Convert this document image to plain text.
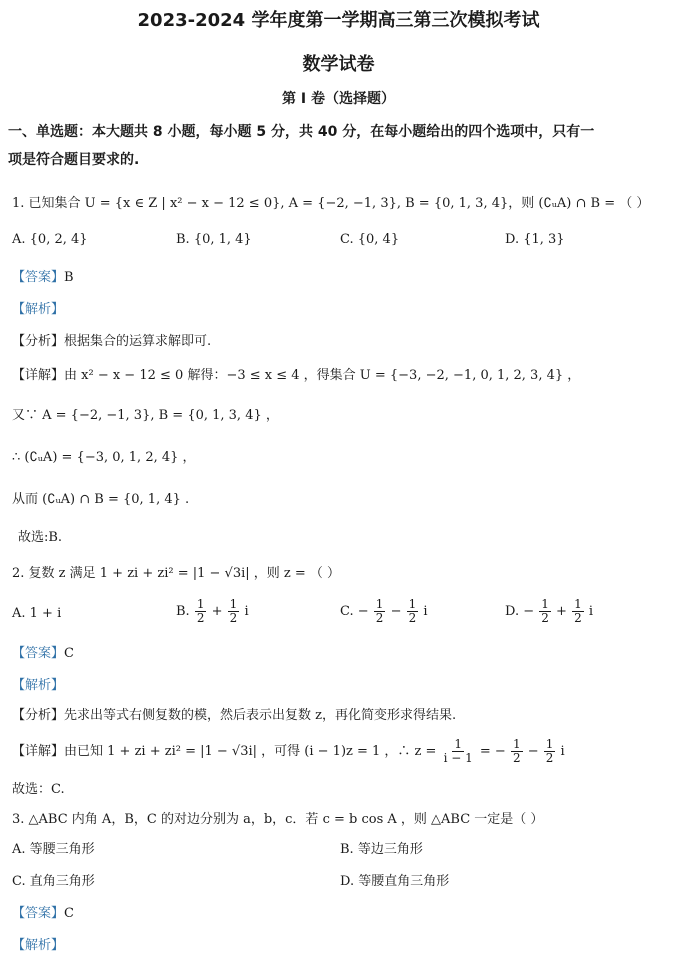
2023-2024 学年度第一学期高三第三次模拟考试
数学试卷
第 I 卷（选择题）
一、单选题：本大题共 8 小题，每小题 5 分，共 40 分，在每小题给出的四个选项中，只有一
项是符合题目要求的.
1. 已知集合 U = {x ∈ Z | x² − x − 12 ≤ 0}, A = {−2, −1, 3}, B = {0, 1, 3, 4}，则 (∁ᵤA) ∩ B = （ ）
A. {0, 2, 4}	B. {0, 1, 4}	C. {0, 4}	D. {1, 3}
【答案】B
【解析】
【分析】根据集合的运算求解即可.
【详解】由 x² − x − 12 ≤ 0 解得：−3 ≤ x ≤ 4 ，得集合 U = {−3, −2, −1, 0, 1, 2, 3, 4} ，
又∵ A = {−2, −1, 3}, B = {0, 1, 3, 4} ，
∴ (∁ᵤA) = {−3, 0, 1, 2, 4} ，
从而 (∁ᵤA) ∩ B = {0, 1, 4} .
故选:B.
2. 复数 z 满足 1 + zi + zi² = |1 − √3i| ，则 z = （ ）
A. 1 + i	B. $\frac{1}{2} + \frac{1}{2}$ i	C. − $\frac{1}{2} - \frac{1}{2}$ i	D. − $\frac{1}{2} + \frac{1}{2}$ i
【答案】C
【解析】
【分析】先求出等式右侧复数的模，然后表示出复数 z，再化简变形求得结果.
【详解】由已知 1 + zi + zi² = |1 − √3i| ，可得 (i − 1)z = 1 ，∴ $z = \frac{1}{i - 1}$ = − $\frac{1}{2} - \frac{1}{2}$ i
故选：C.
3. △ABC 内角 A，B，C 的对边分别为 a，b，c．若 c = b cos A ，则 △ABC 一定是（ ）
A. 等腰三角形	B. 等边三角形
C. 直角三角形	D. 等腰直角三角形
【答案】C
【解析】
